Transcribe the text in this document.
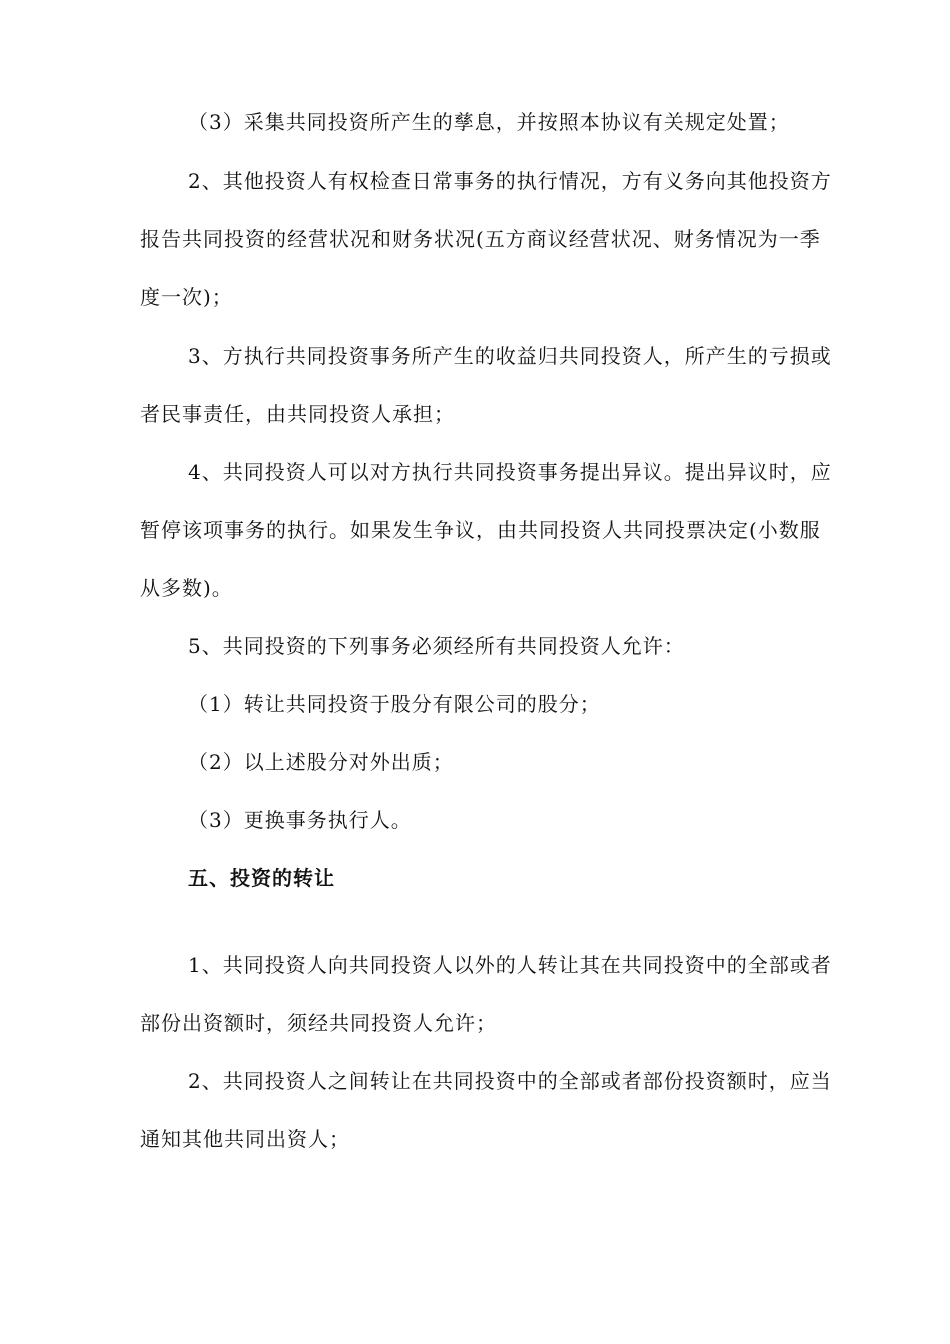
（3）采集共同投资所产生的孳息，并按照本协议有关规定处置；

2、其他投资人有权检查日常事务的执行情况，方有义务向其他投资方报告共同投资的经营状况和财务状况(五方商议经营状况、财务情况为一季度一次)；

3、方执行共同投资事务所产生的收益归共同投资人，所产生的亏损或者民事责任，由共同投资人承担；

4、共同投资人可以对方执行共同投资事务提出异议。提出异议时，应暂停该项事务的执行。如果发生争议，由共同投资人共同投票决定(小数服从多数)。

5、共同投资的下列事务必须经所有共同投资人允许：

（1）转让共同投资于股分有限公司的股分；

（2）以上述股分对外出质；

（3）更换事务执行人。

五、投资的转让

1、共同投资人向共同投资人以外的人转让其在共同投资中的全部或者部份出资额时，须经共同投资人允许；

2、共同投资人之间转让在共同投资中的全部或者部份投资额时，应当通知其他共同出资人；
